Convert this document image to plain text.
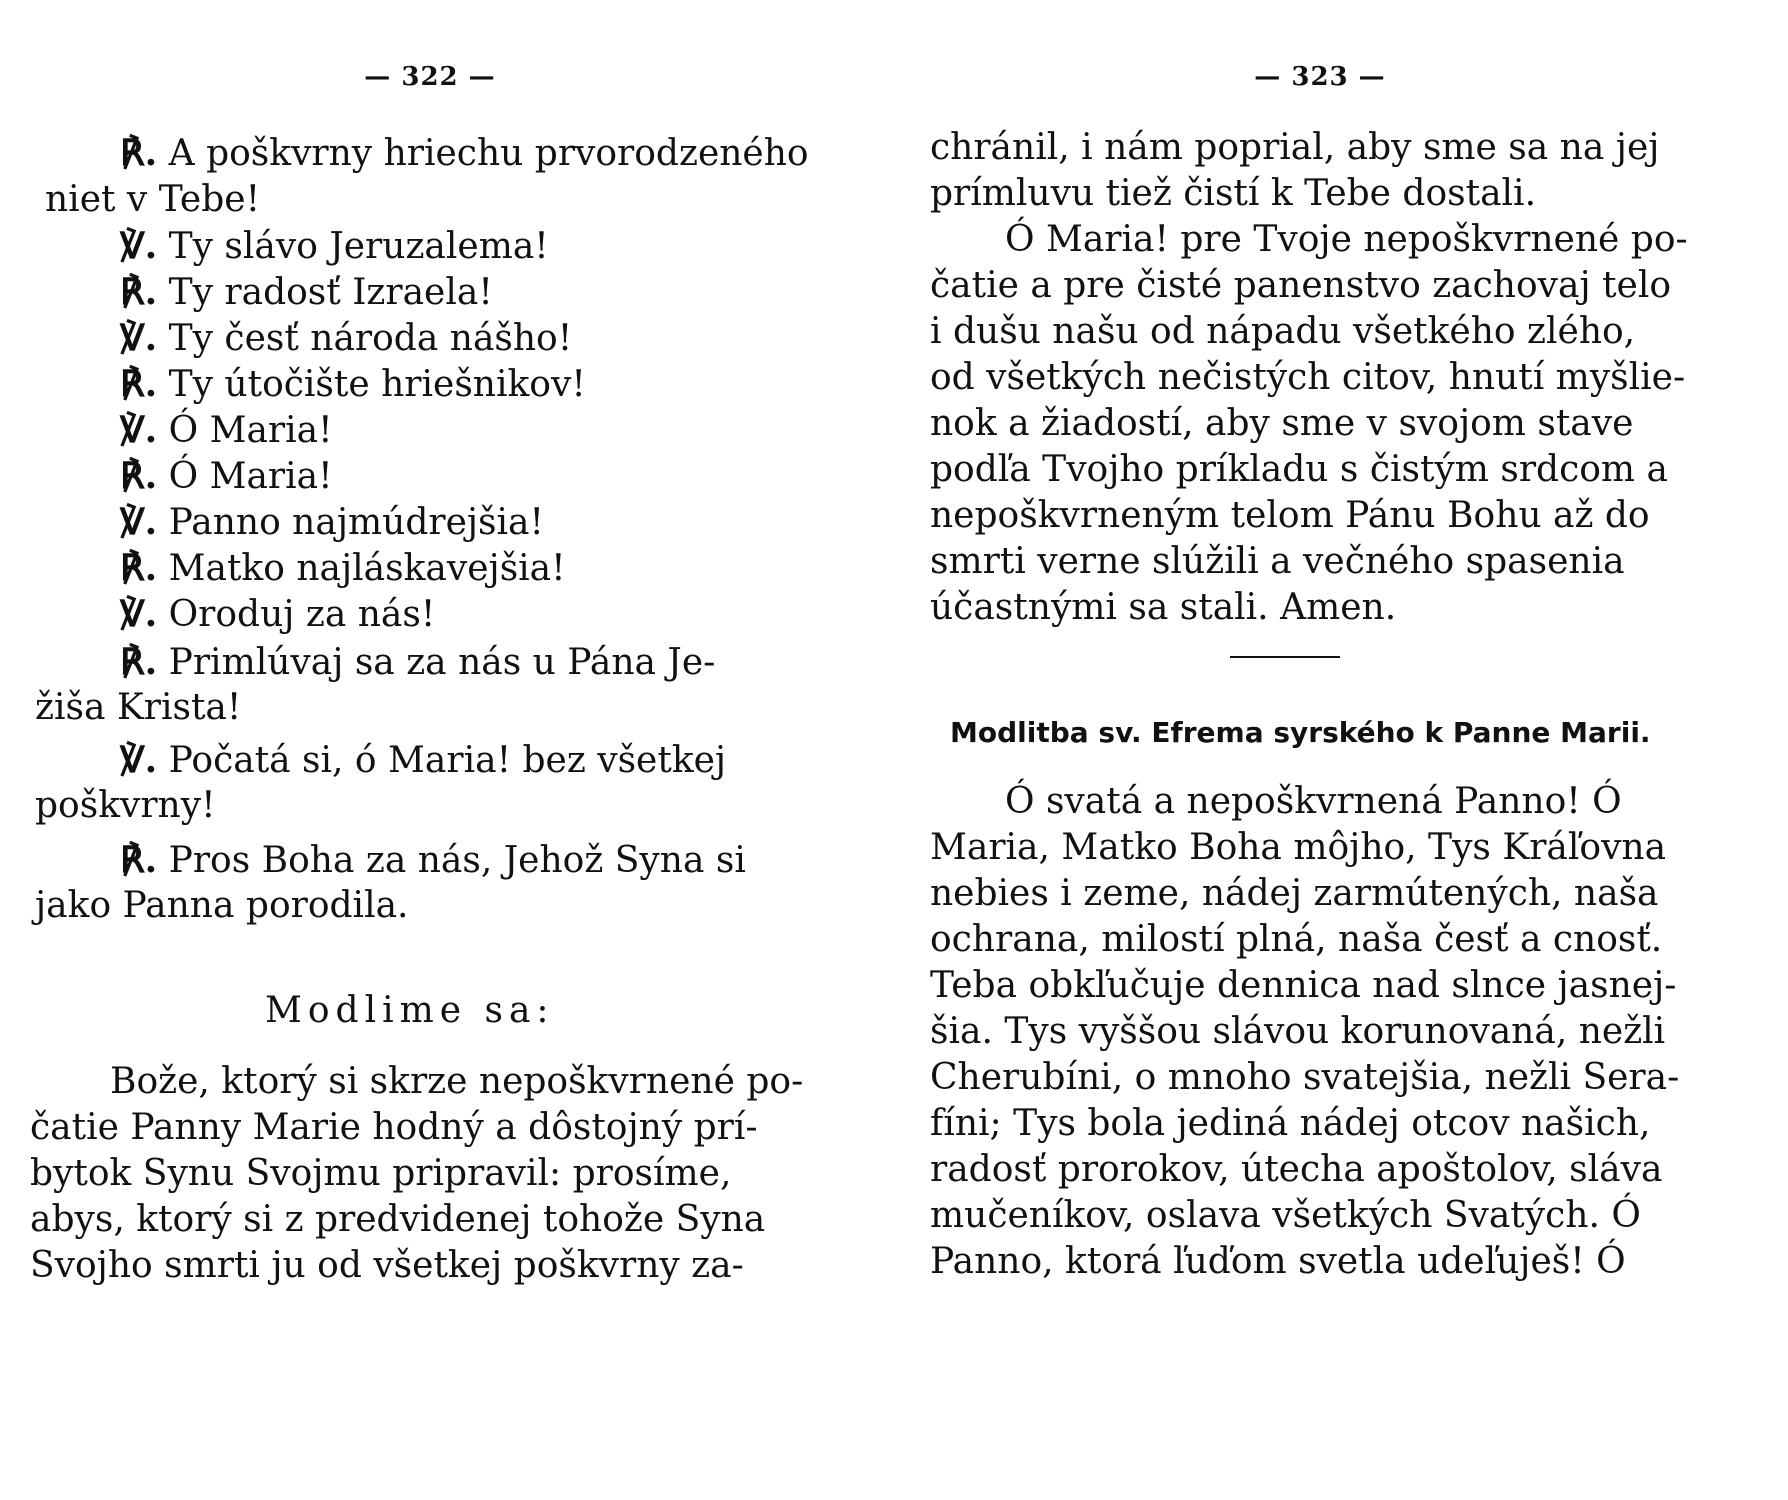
— 322 —
℟. A poškvrny hriechu prvorodzeného
niet v Tebe!
℣. Ty slávo Jeruzalema!
℟. Ty radosť Izraela!
℣. Ty česť národa nášho!
℟. Ty útočište hriešnikov!
℣. Ó Maria!
℟. Ó Maria!
℣. Panno najmúdrejšia!
℟. Matko najláskavejšia!
℣. Oroduj za nás!
℟. Primlúvaj sa za nás u Pána Je-
žiša Krista!
℣. Počatá si, ó Maria! bez všetkej
poškvrny!
℟. Pros Boha za nás, Jehož Syna si
jako Panna porodila.
Modlime sa:
Bože, ktorý si skrze nepoškvrnené po-
čatie Panny Marie hodný a dôstojný prí-
bytok Synu Svojmu pripravil: prosíme,
abys, ktorý si z predvidenej tohože Syna
Svojho smrti ju od všetkej poškvrny za-
— 323 —
chránil, i nám poprial, aby sme sa na jej
prímluvu tiež čistí k Tebe dostali.
Ó Maria! pre Tvoje nepoškvrnené po-
čatie a pre čisté panenstvo zachovaj telo
i dušu našu od nápadu všetkého zlého,
od všetkých nečistých citov, hnutí myšlie-
nok a žiadostí, aby sme v svojom stave
podľa Tvojho príkladu s čistým srdcom a
nepoškvrneným telom Pánu Bohu až do
smrti verne slúžili a večného spasenia
účastnými sa stali. Amen.
Modlitba sv. Efrema syrského k Panne Marii.
Ó svatá a nepoškvrnená Panno! Ó
Maria, Matko Boha môjho, Tys Kráľovna
nebies i zeme, nádej zarmútených, naša
ochrana, milostí plná, naša česť a cnosť.
Teba obkľučuje dennica nad slnce jasnej-
šia. Tys vyššou slávou korunovaná, nežli
Cherubíni, o mnoho svatejšia, nežli Sera-
fíni; Tys bola jediná nádej otcov našich,
radosť prorokov, útecha apoštolov, sláva
mučeníkov, oslava všetkých Svatých. Ó
Panno, ktorá ľuďom svetla udeľuješ! Ó
